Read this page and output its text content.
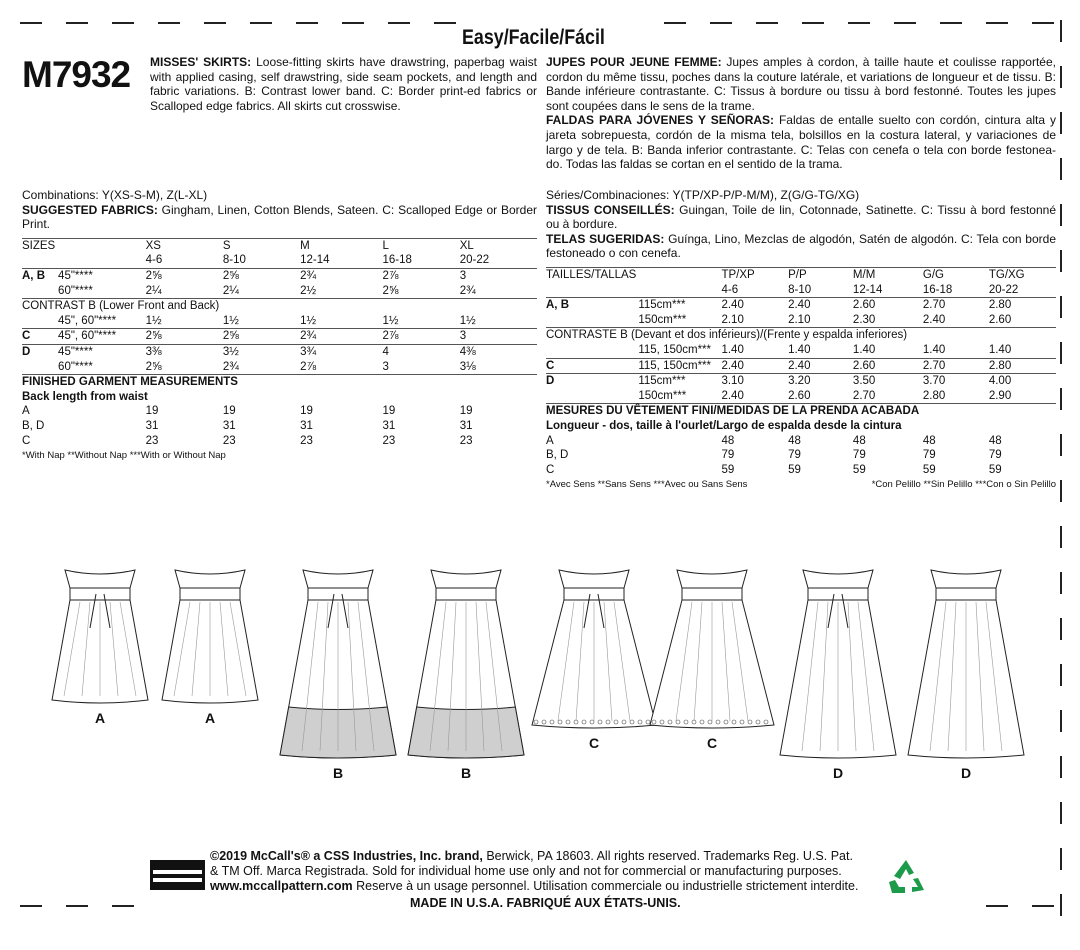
Easy/Facile/Fácil
M7932	MISSES' SKIRTS: Loose-fitting skirts have drawstring, paperbag waist with applied casing, self drawstring, side seam pockets, and length and fabric variations. B: Contrast lower band. C: Border print-ed fabrics or Scalloped edge fabrics. All skirts cut crosswise.
Combinations: Y(XS-S-M), Z(L-XL)
SUGGESTED FABRICS: Gingham, Linen, Cotton Blends, Sateen. C: Scalloped Edge or Border Print.
SIZES		XS	S	M	L	XL
		4-6	8-10	12-14	16-18	20-22
A, B	45"****	2⅝	2⅝	2¾	2⅞	3
	60"****	2¼	2¼	2½	2⅝	2¾
CONTRAST B (Lower Front and Back)						
	45", 60"****	1½	1½	1½	1½	1½
C	45", 60"****	2⅝	2⅝	2¾	2⅞	3
D	45"****	3⅜	3½	3¾	4	4⅜
	60"****	2⅝	2¾	2⅞	3	3⅛
FINISHED GARMENT MEASUREMENTS						
Back length from waist						
A		19	19	19	19	19
B, D		31	31	31	31	31
C		23	23	23	23	23
*With Nap **Without Nap ***With or Without Nap
JUPES POUR JEUNE FEMME: Jupes amples à cordon, à taille haute et coulisse rapportée, cordon du même tissu, poches dans la couture latérale, et variations de longueur et de tissu. B: Bande inférieure contrastante. C: Tissus à bordure ou tissu à bord festonné. Toutes les jupes sont coupées dans le sens de la trame.
FALDAS PARA JÓVENES Y SEÑORAS: Faldas de entalle suelto con cordón, cintura alta y jareta sobrepuesta, cordón de la misma tela, bolsillos en la costura lateral, y variaciones de largo y de tela. B: Banda inferior contrastante. C: Telas con cenefa o tela con borde festonea-do. Todas las faldas se cortan en el sentido de la trama.
Séries/Combinaciones: Y(TP/XP-P/P-M/M), Z(G/G-TG/XG)
TISSUS CONSEILLÉS: Guingan, Toile de lin, Cotonnade, Satinette. C: Tissu à bord festonné ou à bordure.
TELAS SUGERIDAS: Guínga, Lino, Mezclas de algodón, Satén de algodón. C: Tela con borde festoneado o con cenefa.
TAILLES/TALLAS		TP/XP	P/P	M/M	G/G	TG/XG
		4-6	8-10	12-14	16-18	20-22
A, B	115cm***	2.40	2.40	2.60	2.70	2.80
	150cm***	2.10	2.10	2.30	2.40	2.60
CONTRASTE B (Devant et dos inférieurs)/(Frente y espalda inferiores)						
	115, 150cm***	1.40	1.40	1.40	1.40	1.40
C	115, 150cm***	2.40	2.40	2.60	2.70	2.80
D	115cm***	3.10	3.20	3.50	3.70	4.00
	150cm***	2.40	2.60	2.70	2.80	2.90
MESURES DU VÊTEMENT FINI/MEDIDAS DE LA PRENDA ACABADA						
Longueur - dos, taille à l'ourlet/Largo de espalda desde la cintura						
A		48	48	48	48	48
B, D		79	79	79	79	79
C		59	59	59	59	59
*Avec Sens **Sans Sens ***Avec ou Sans Sens	*Con Pelillo **Sin Pelillo ***Con o Sin Pelillo
A	A
B	B
C	C
D	D
©2019 McCall's® a CSS Industries, Inc. brand, Berwick, PA 18603. All rights reserved. Trademarks Reg. U.S. Pat.
& TM Off. Marca Registrada. Sold for individual home use only and not for commercial or manufacturing purposes.
www.mccallpattern.com Reserve à un usage personnel. Utilisation commerciale ou industrielle strictement interdite.
MADE IN U.S.A. FABRIQUÉ AUX ÉTATS-UNIS.
